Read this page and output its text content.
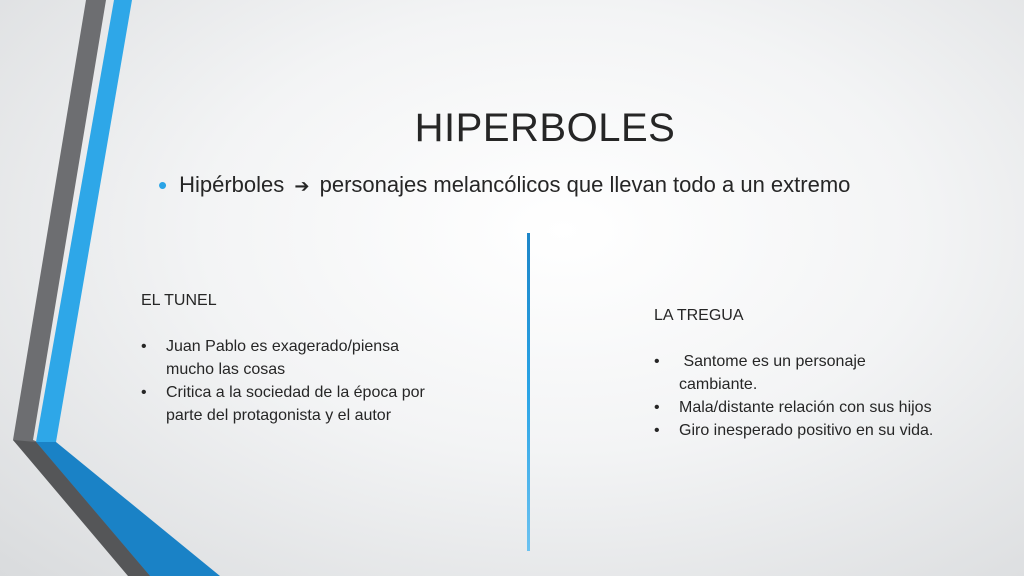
HIPERBOLES
• Hipérboles ➔ personajes melancólicos que llevan todo a un extremo
EL TUNEL
• Juan Pablo es exagerado/piensa mucho las cosas
• Critica a la sociedad de la época por parte del protagonista y el autor
LA TREGUA
•  Santome es un personaje cambiante.
• Mala/distante relación con sus hijos
• Giro inesperado positivo en su vida.
